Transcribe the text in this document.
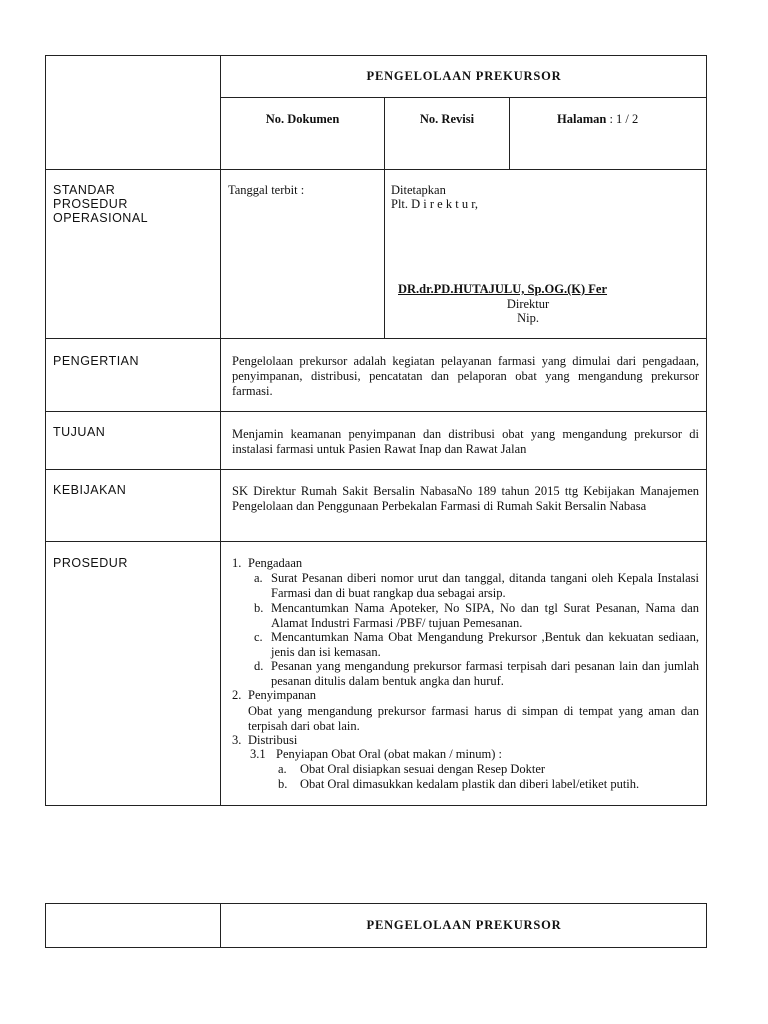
PENGELOLAAN PREKURSOR
No. Dokumen	No. Revisi	Halaman : 1 / 2
STANDAR
PROSEDUR
OPERASIONAL
Tanggal terbit :	Ditetapkan
Plt. D i r e k t u r,
DR.dr.PD.HUTAJULU, Sp.OG.(K) Fer
Direktur
Nip.
PENGERTIAN	Pengelolaan prekursor adalah kegiatan pelayanan farmasi yang dimulai dari pengadaan, penyimpanan, distribusi, pencatatan dan pelaporan obat yang mengandung prekursor farmasi.
TUJUAN	Menjamin keamanan penyimpanan dan distribusi obat yang mengandung prekursor di instalasi farmasi untuk Pasien Rawat Inap dan Rawat Jalan
KEBIJAKAN	SK Direktur Rumah Sakit Bersalin NabasaNo 189 tahun 2015 ttg Kebijakan Manajemen Pengelolaan dan Penggunaan Perbekalan Farmasi di Rumah Sakit Bersalin Nabasa
PROSEDUR	1. Pengadaan
a. Surat Pesanan diberi nomor urut dan tanggal, ditanda tangani oleh Kepala Instalasi Farmasi dan di buat rangkap dua sebagai arsip.
b. Mencantumkan Nama Apoteker, No SIPA, No dan tgl Surat Pesanan, Nama dan Alamat Industri Farmasi /PBF/ tujuan Pemesanan.
c. Mencantumkan Nama Obat Mengandung Prekursor ,Bentuk dan kekuatan sediaan, jenis dan isi kemasan.
d. Pesanan yang mengandung prekursor farmasi terpisah dari pesanan lain dan jumlah pesanan ditulis dalam bentuk angka dan huruf.
2. Penyimpanan
Obat yang mengandung prekursor farmasi harus di simpan di tempat yang aman dan terpisah dari obat lain.
3. Distribusi
3.1 Penyiapan Obat Oral (obat makan / minum) :
a. Obat Oral disiapkan sesuai dengan Resep Dokter
b. Obat Oral dimasukkan kedalam plastik dan diberi label/etiket putih.
PENGELOLAAN PREKURSOR
